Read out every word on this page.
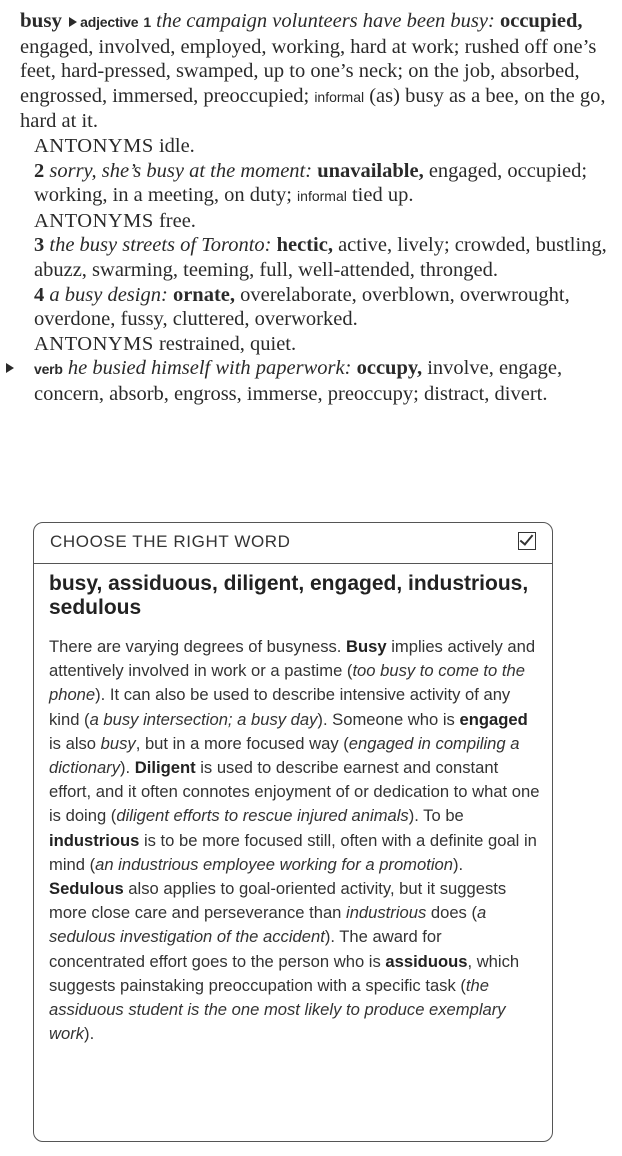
busy adjective 1 the campaign volunteers have been busy: occupied, engaged, involved, employed, working, hard at work; rushed off one’s feet, hard-pressed, swamped, up to one’s neck; on the job, absorbed, engrossed, immersed, preoccupied; informal (as) busy as a bee, on the go, hard at it.

ANTONYMS idle.

2 sorry, she’s busy at the moment: unavailable, engaged, occupied; working, in a meeting, on duty; informal tied up.

ANTONYMS free.

3 the busy streets of Toronto: hectic, active, lively; crowded, bustling, abuzz, swarming, teeming, full, well-attended, thronged.

4 a busy design: ornate, overelaborate, overblown, overwrought, overdone, fussy, cluttered, overworked.

ANTONYMS restrained, quiet.

verb he busied himself with paperwork: occupy, involve, engage, concern, absorb, engross, immerse, preoccupy; distract, divert.

CHOOSE THE RIGHT WORD
busy, assiduous, diligent, engaged, industrious, sedulous
There are varying degrees of busyness. Busy implies actively and attentively involved in work or a pastime (too busy to come to the phone). It can also be used to describe intensive activity of any kind (a busy intersection; a busy day). Someone who is engaged is also busy, but in a more focused way (engaged in compiling a dictionary). Diligent is used to describe earnest and constant effort, and it often connotes enjoyment of or dedication to what one is doing (diligent efforts to rescue injured animals). To be industrious is to be more focused still, often with a definite goal in mind (an industrious employee working for a promotion). Sedulous also applies to goal-oriented activity, but it suggests more close care and perseverance than industrious does (a sedulous investigation of the accident). The award for concentrated effort goes to the person who is assiduous, which suggests painstaking preoccupation with a specific task (the assiduous student is the one most likely to produce exemplary work).
